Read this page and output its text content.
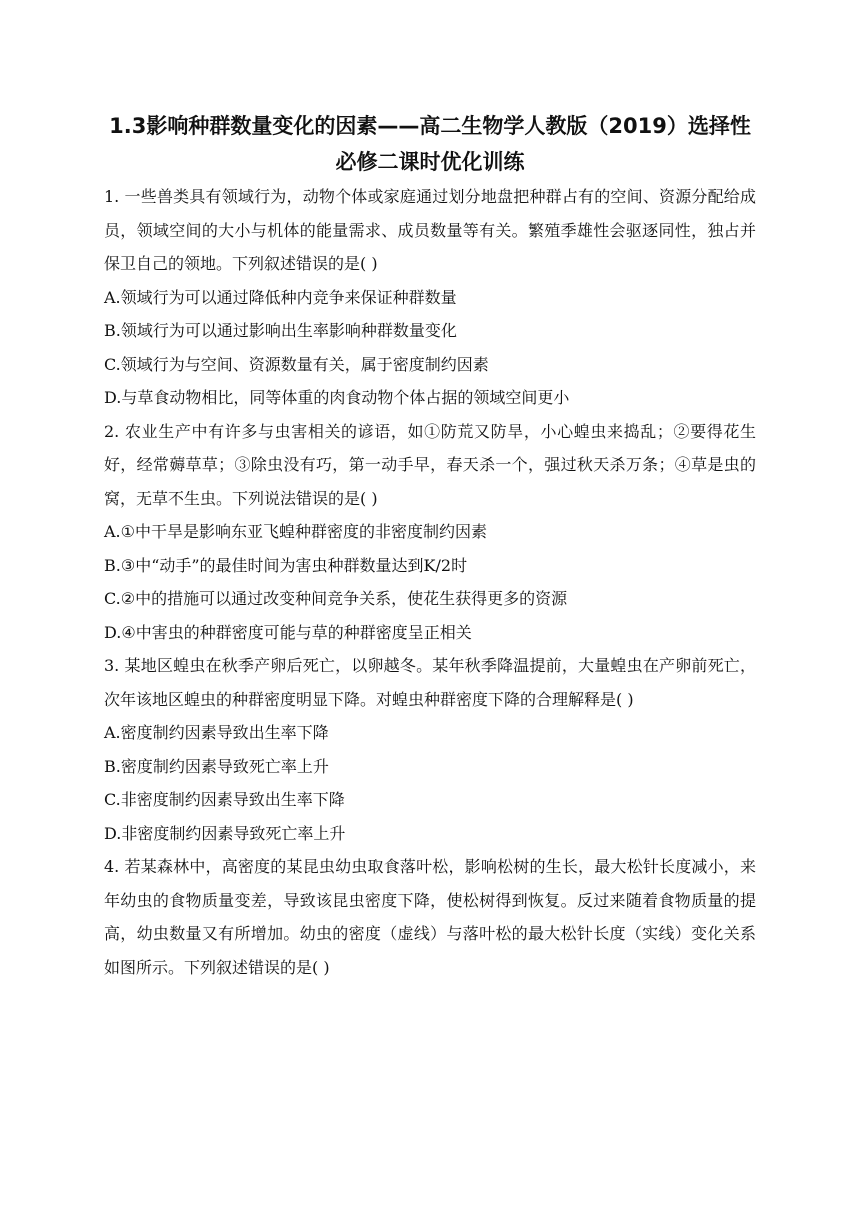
1.3影响种群数量变化的因素——高二生物学人教版（2019）选择性
必修二课时优化训练

1. 一些兽类具有领域行为，动物个体或家庭通过划分地盘把种群占有的空间、资源分配给成员，领域空间的大小与机体的能量需求、成员数量等有关。繁殖季雄性会驱逐同性，独占并保卫自己的领地。下列叙述错误的是( )

A.领域行为可以通过降低种内竞争来保证种群数量

B.领域行为可以通过影响出生率影响种群数量变化

C.领域行为与空间、资源数量有关，属于密度制约因素

D.与草食动物相比，同等体重的肉食动物个体占据的领域空间更小

2. 农业生产中有许多与虫害相关的谚语，如①防荒又防旱，小心蝗虫来捣乱；②要得花生好，经常薅草草；③除虫没有巧，第一动手早，春天杀一个，强过秋天杀万条；④草是虫的窝，无草不生虫。下列说法错误的是( )

A.①中干旱是影响东亚飞蝗种群密度的非密度制约因素

B.③中“动手”的最佳时间为害虫种群数量达到K/2时

C.②中的措施可以通过改变种间竞争关系，使花生获得更多的资源

D.④中害虫的种群密度可能与草的种群密度呈正相关

3. 某地区蝗虫在秋季产卵后死亡，以卵越冬。某年秋季降温提前，大量蝗虫在产卵前死亡，次年该地区蝗虫的种群密度明显下降。对蝗虫种群密度下降的合理解释是( )

A.密度制约因素导致出生率下降

B.密度制约因素导致死亡率上升

C.非密度制约因素导致出生率下降

D.非密度制约因素导致死亡率上升

4. 若某森林中，高密度的某昆虫幼虫取食落叶松，影响松树的生长，最大松针长度减小，来年幼虫的食物质量变差，导致该昆虫密度下降，使松树得到恢复。反过来随着食物质量的提高，幼虫数量又有所增加。幼虫的密度（虚线）与落叶松的最大松针长度（实线）变化关系如图所示。下列叙述错误的是( )
